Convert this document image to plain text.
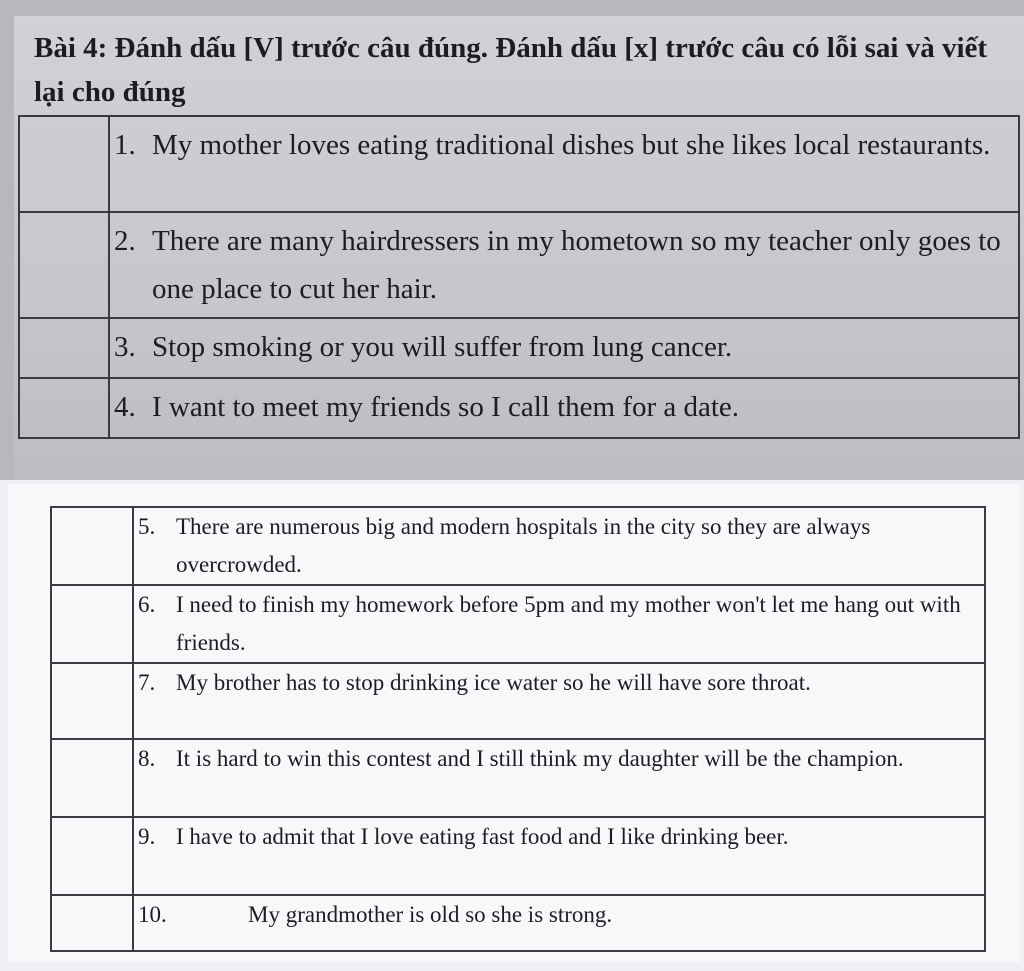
Bài 4: Đánh dấu [V] trước câu đúng. Đánh dấu [x] trước câu có lỗi sai và viết lại cho đúng

	1. My mother loves eating traditional dishes but she likes local restaurants.

	2. There are many hairdressers in my hometown so my teacher only goes to one place to cut her hair.

	3. Stop smoking or you will suffer from lung cancer.

	4. I want to meet my friends so I call them for a date.

	5. There are numerous big and modern hospitals in the city so they are always overcrowded.

	6. I need to finish my homework before 5pm and my mother won't let me hang out with friends.

	7. My brother has to stop drinking ice water so he will have sore throat.

	8. It is hard to win this contest and I still think my daughter will be the champion.

	9. I have to admit that I love eating fast food and I like drinking beer.

	10. My grandmother is old so she is strong.
